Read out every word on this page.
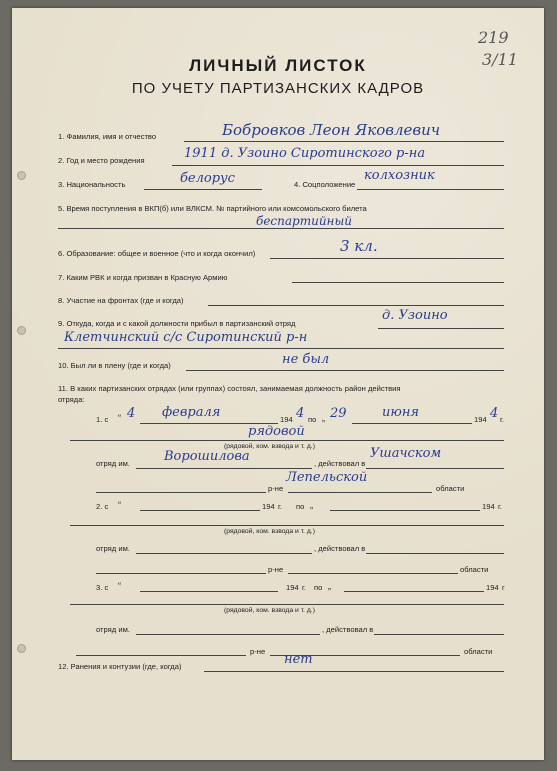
219
3/11
ЛИЧНЫЙ ЛИСТОК
ПО УЧЕТУ ПАРТИЗАНСКИХ КАДРОВ
1. Фамилия, имя и отчество	Бобровков Леон Яковлевич
2. Год и место рождения	1911 д. Узоино Сиротинского р-на
3. Национальность	белорус	4. Соцположение
колхозник
5. Время поступления в ВКП(б) или ВЛКСМ. № партийного или комсомольского билета
беспартийный
6. Образование: общее и военное (что и когда окончил)	3 кл.
7. Каким РВК и когда призван в Красную Армию
8. Участие на фронтах (где и когда)
9. Откуда, когда и с какой должности прибыл в партизанский отряд
д. Узоино
Клетчинский с/с Сиротинский р-н
10. Был ли в плену (где и когда)	не был
11. В каких партизанских отрядах (или группах) состоял, занимаемая должность район действия
отряда:
1. с “ 4 февраля	194 4 по „ 29	июня	194 4 г.
рядовой
(рядовой, ком. взвода и т. д.)
отряд им.	Ворошилова	, действовал в
Ушачском
р-не
Лепельской
области
2. с “	194 г. по „	194 г.
(рядовой, ком. взвода и т. д.)
отряд им.	, действовал в
р-не	области
3. с “	194 г. по „	194 г
(рядовой, ком. взвода и т. д.)
отряд им.	, действовал в
р-не	области
12. Ранения и контузии (где, когда)	нет
